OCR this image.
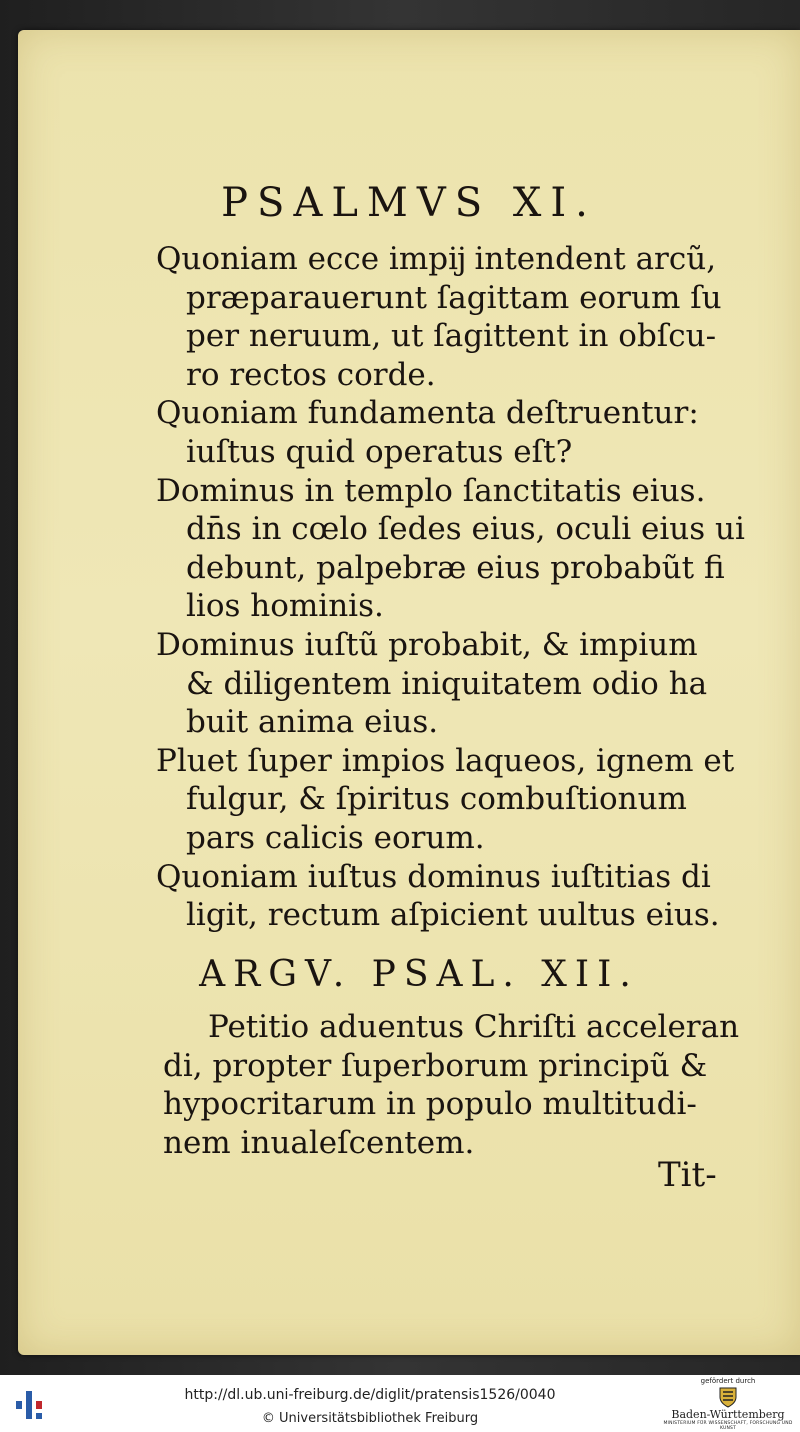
PSALMVS XI.

Quoniam ecce impĳ intendent arcũ,
præparauerunt ſagittam eorum ſu
per neruum, ut ſagittent in obſcu-
ro rectos corde.

Quoniam fundamenta deſtruentur:
iuſtus quid operatus eſt?

Dominus in templo ſanctitatis eius.
dn̄s in cœlo ſedes eius, oculi eius ui
debunt, palpebræ eius probabũt fi
lios hominis.

Dominus iuſtũ probabit, & impium
& diligentem iniquitatem odio ha
buit anima eius.

Pluet ſuper impios laqueos, ignem et
fulgur, & ſpiritus combuſtionum
pars calicis eorum.

Quoniam iuſtus dominus iuſtitias di
ligit, rectum aſpicient uultus eius.

ARGV. PSAL. XII.
Petitio aduentus Chriſti acceleran
di, propter ſuperborum principũ &
hypocritarum in populo multitudi-
nem inualeſcentem.
Tit-
http://dl.ub.uni-freiburg.de/diglit/pratensis1526/0040
© Universitätsbibliothek Freiburg
gefördert durch
Baden-Württemberg
MINISTERIUM FÜR WISSENSCHAFT, FORSCHUNG UND KUNST
